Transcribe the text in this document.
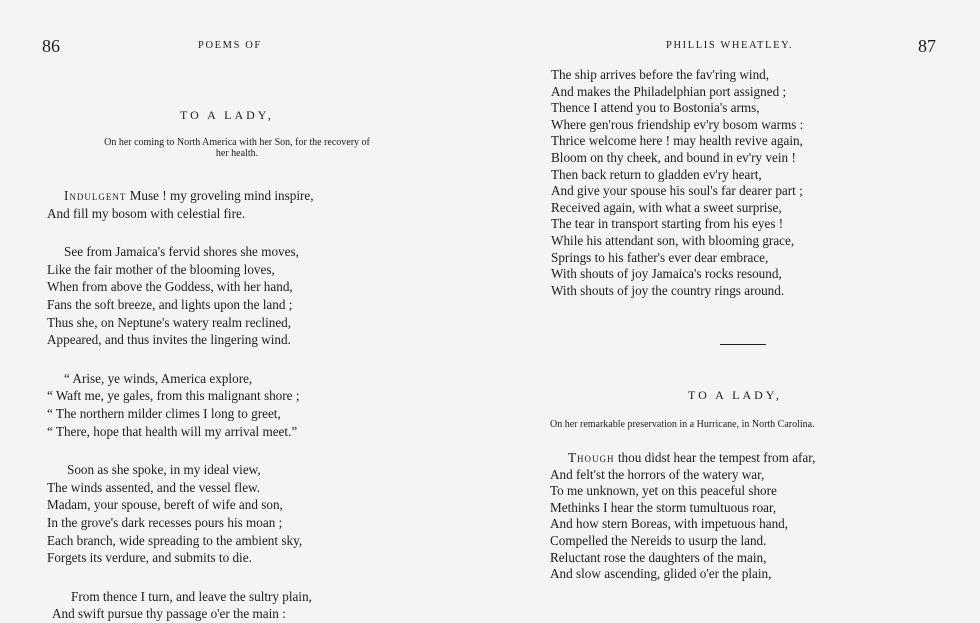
86	POEMS OF
TO A LADY,
On her coming to North America with her Son, for the recovery of
her health.
Indulgent Muse ! my groveling mind inspire,
And fill my bosom with celestial fire.
See from Jamaica's fervid shores she moves,
Like the fair mother of the blooming loves,
When from above the Goddess, with her hand,
Fans the soft breeze, and lights upon the land ;
Thus she, on Neptune's watery realm reclined,
Appeared, and thus invites the lingering wind.
“ Arise, ye winds, America explore,
“ Waft me, ye gales, from this malignant shore ;
“ The northern milder climes I long to greet,
“ There, hope that health will my arrival meet.”
Soon as she spoke, in my ideal view,
The winds assented, and the vessel flew.
Madam, your spouse, bereft of wife and son,
In the grove's dark recesses pours his moan ;
Each branch, wide spreading to the ambient sky,
Forgets its verdure, and submits to die.
From thence I turn, and leave the sultry plain,
And swift pursue thy passage o'er the main :
PHILLIS WHEATLEY.	87
The ship arrives before the fav'ring wind,
And makes the Philadelphian port assigned ;
Thence I attend you to Bostonia's arms,
Where gen'rous friendship ev'ry bosom warms :
Thrice welcome here ! may health revive again,
Bloom on thy cheek, and bound in ev'ry vein !
Then back return to gladden ev'ry heart,
And give your spouse his soul's far dearer part ;
Received again, with what a sweet surprise,
The tear in transport starting from his eyes !
While his attendant son, with blooming grace,
Springs to his father's ever dear embrace,
With shouts of joy Jamaica's rocks resound,
With shouts of joy the country rings around.
TO A LADY,
On her remarkable preservation in a Hurricane, in North Carolina.
Though thou didst hear the tempest from afar,
And felt'st the horrors of the watery war,
To me unknown, yet on this peaceful shore
Methinks I hear the storm tumultuous roar,
And how stern Boreas, with impetuous hand,
Compelled the Nereids to usurp the land.
Reluctant rose the daughters of the main,
And slow ascending, glided o'er the plain,
